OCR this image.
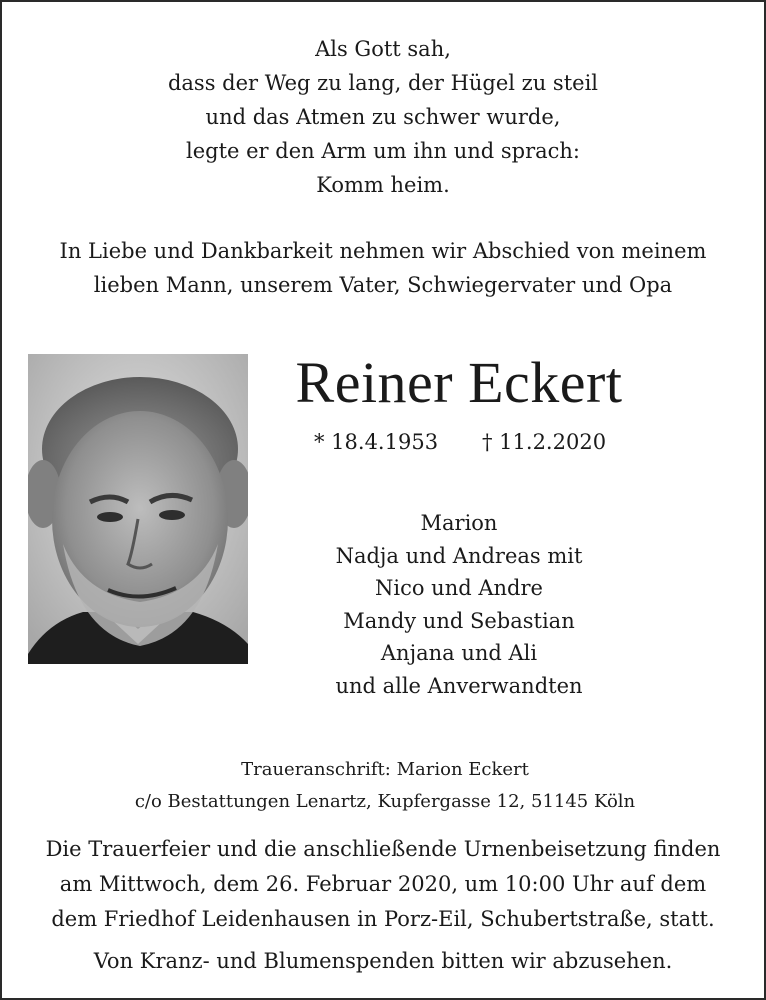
Als Gott sah,
dass der Weg zu lang, der Hügel zu steil
und das Atmen zu schwer wurde,
legte er den Arm um ihn und sprach:
Komm heim.
In Liebe und Dankbarkeit nehmen wir Abschied von meinem
lieben Mann, unserem Vater, Schwiegervater und Opa
Reiner Eckert
* 18.4.1953 † 11.2.2020
Marion
Nadja und Andreas mit
Nico und Andre
Mandy und Sebastian
Anjana und Ali
und alle Anverwandten
Traueranschrift: Marion Eckert
c/o Bestattungen Lenartz, Kupfergasse 12, 51145 Köln
Die Trauerfeier und die anschließende Urnenbeisetzung finden
am Mittwoch, dem 26. Februar 2020, um 10:00 Uhr auf dem
dem Friedhof Leidenhausen in Porz-Eil, Schubertstraße, statt.
Von Kranz- und Blumenspenden bitten wir abzusehen.
